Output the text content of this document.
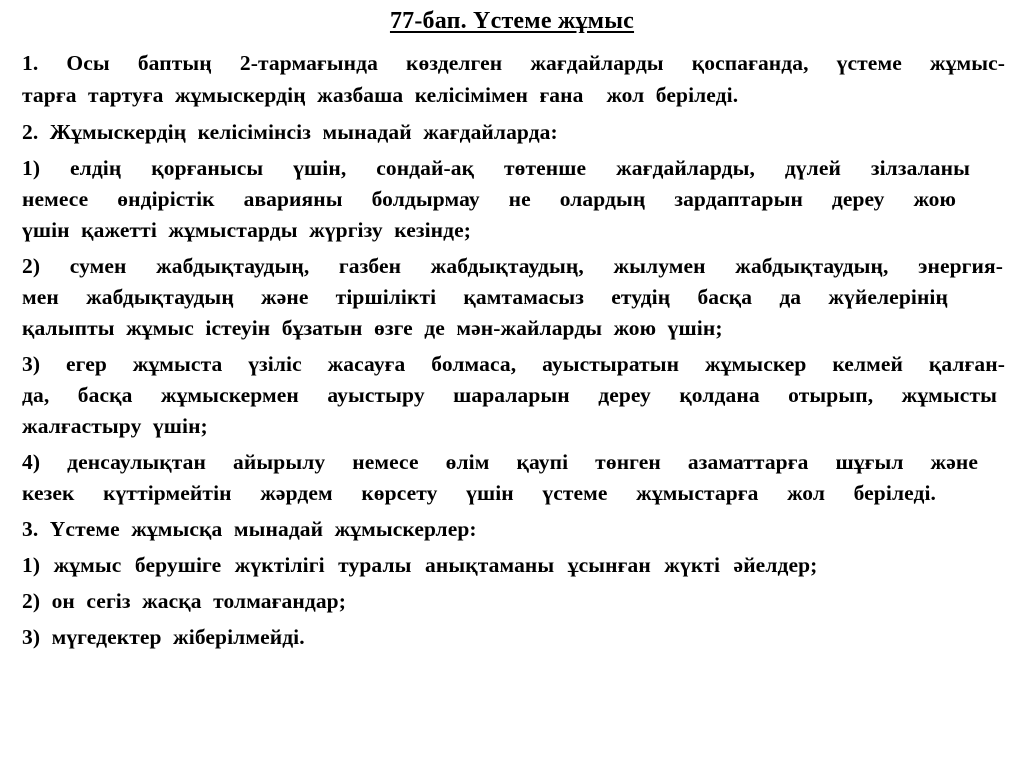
77-бап. Үстеме жұмыс
1. Осы баптың 2-тармағында көзделген жағдайларды қоспағанда, үстеме жұмыс-
тарға тартуға жұмыскердің жазбаша келісімімен ғана  жол беріледі.
2. Жұмыскердің келісімінсіз мынадай жағдайларда:
1) елдің қорғанысы үшін, сондай-ақ төтенше жағдайларды, дүлей зілзаланы
немесе өндірістік аварияны болдырмау не олардың зардаптарын дереу жою
үшін қажетті жұмыстарды жүргізу кезінде;
2) сумен жабдықтаудың, газбен жабдықтаудың, жылумен жабдықтаудың, энергия-
мен жабдықтаудың және тіршілікті қамтамасыз етудің басқа да жүйелерінің
қалыпты жұмыс істеуін бұзатын өзге де мән-жайларды жою үшін;
3) егер жұмыста үзіліс жасауға болмаса, ауыстыратын жұмыскер келмей қалған-
да, басқа жұмыскермен ауыстыру шараларын дереу қолдана отырып, жұмысты
жалғастыру үшін;
4) денсаулықтан айырылу немесе өлім қаупі төнген азаматтарға шұғыл және
кезек күттірмейтін жәрдем көрсету үшін үстеме жұмыстарға жол беріледі.
3. Үстеме жұмысқа мынадай жұмыскерлер:
1) жұмыс берушіге жүктілігі туралы анықтаманы ұсынған жүкті әйелдер;
2) он сегіз жасқа толмағандар;
3) мүгедектер жіберілмейді.
